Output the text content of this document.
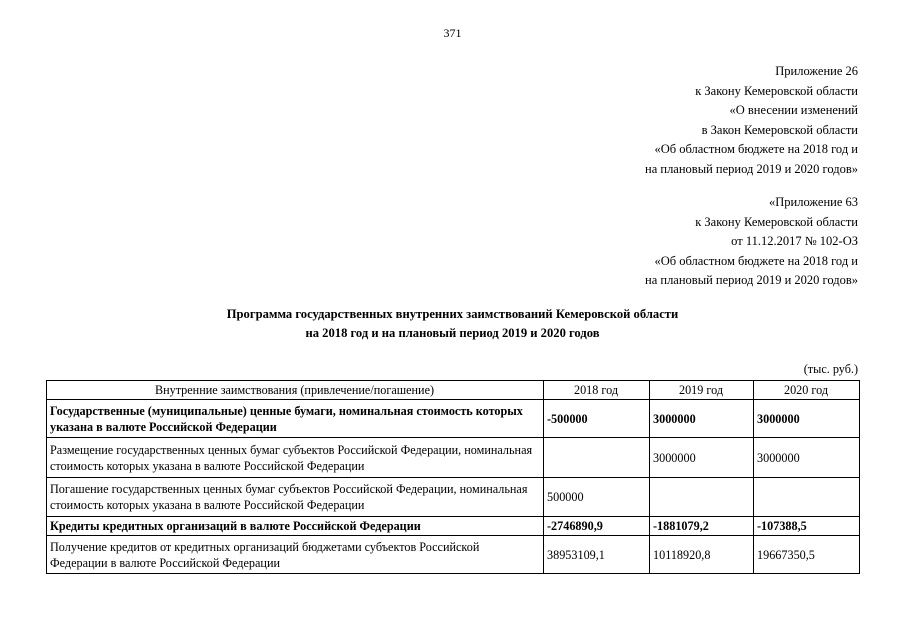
371
Приложение 26
к Закону Кемеровской области
«О внесении изменений
в Закон Кемеровской области
«Об областном бюджете на 2018 год и
на плановый период 2019 и 2020 годов»
«Приложение 63
к Закону Кемеровской области
от 11.12.2017 № 102-ОЗ
«Об областном бюджете на 2018 год и
на плановый период 2019 и 2020 годов»
Программа государственных внутренних заимствований Кемеровской области
на 2018 год и на плановый период 2019 и 2020 годов
(тыс. руб.)
Внутренние заимствования (привлечение/погашение)	2018 год	2019 год	2020 год
Государственные (муниципальные) ценные бумаги, номинальная стоимость которых указана в валюте Российской Федерации	-500000	3000000	3000000
Размещение государственных ценных бумаг субъектов Российской Федерации, номинальная стоимость которых указана в валюте Российской Федерации		3000000	3000000
Погашение государственных ценных бумаг субъектов Российской Федерации, номинальная стоимость которых указана в валюте Российской Федерации	500000		
Кредиты кредитных организаций в валюте Российской Федерации	-2746890,9	-1881079,2	-107388,5
Получение кредитов от кредитных организаций бюджетами субъектов Российской Федерации в валюте Российской Федерации	38953109,1	10118920,8	19667350,5
